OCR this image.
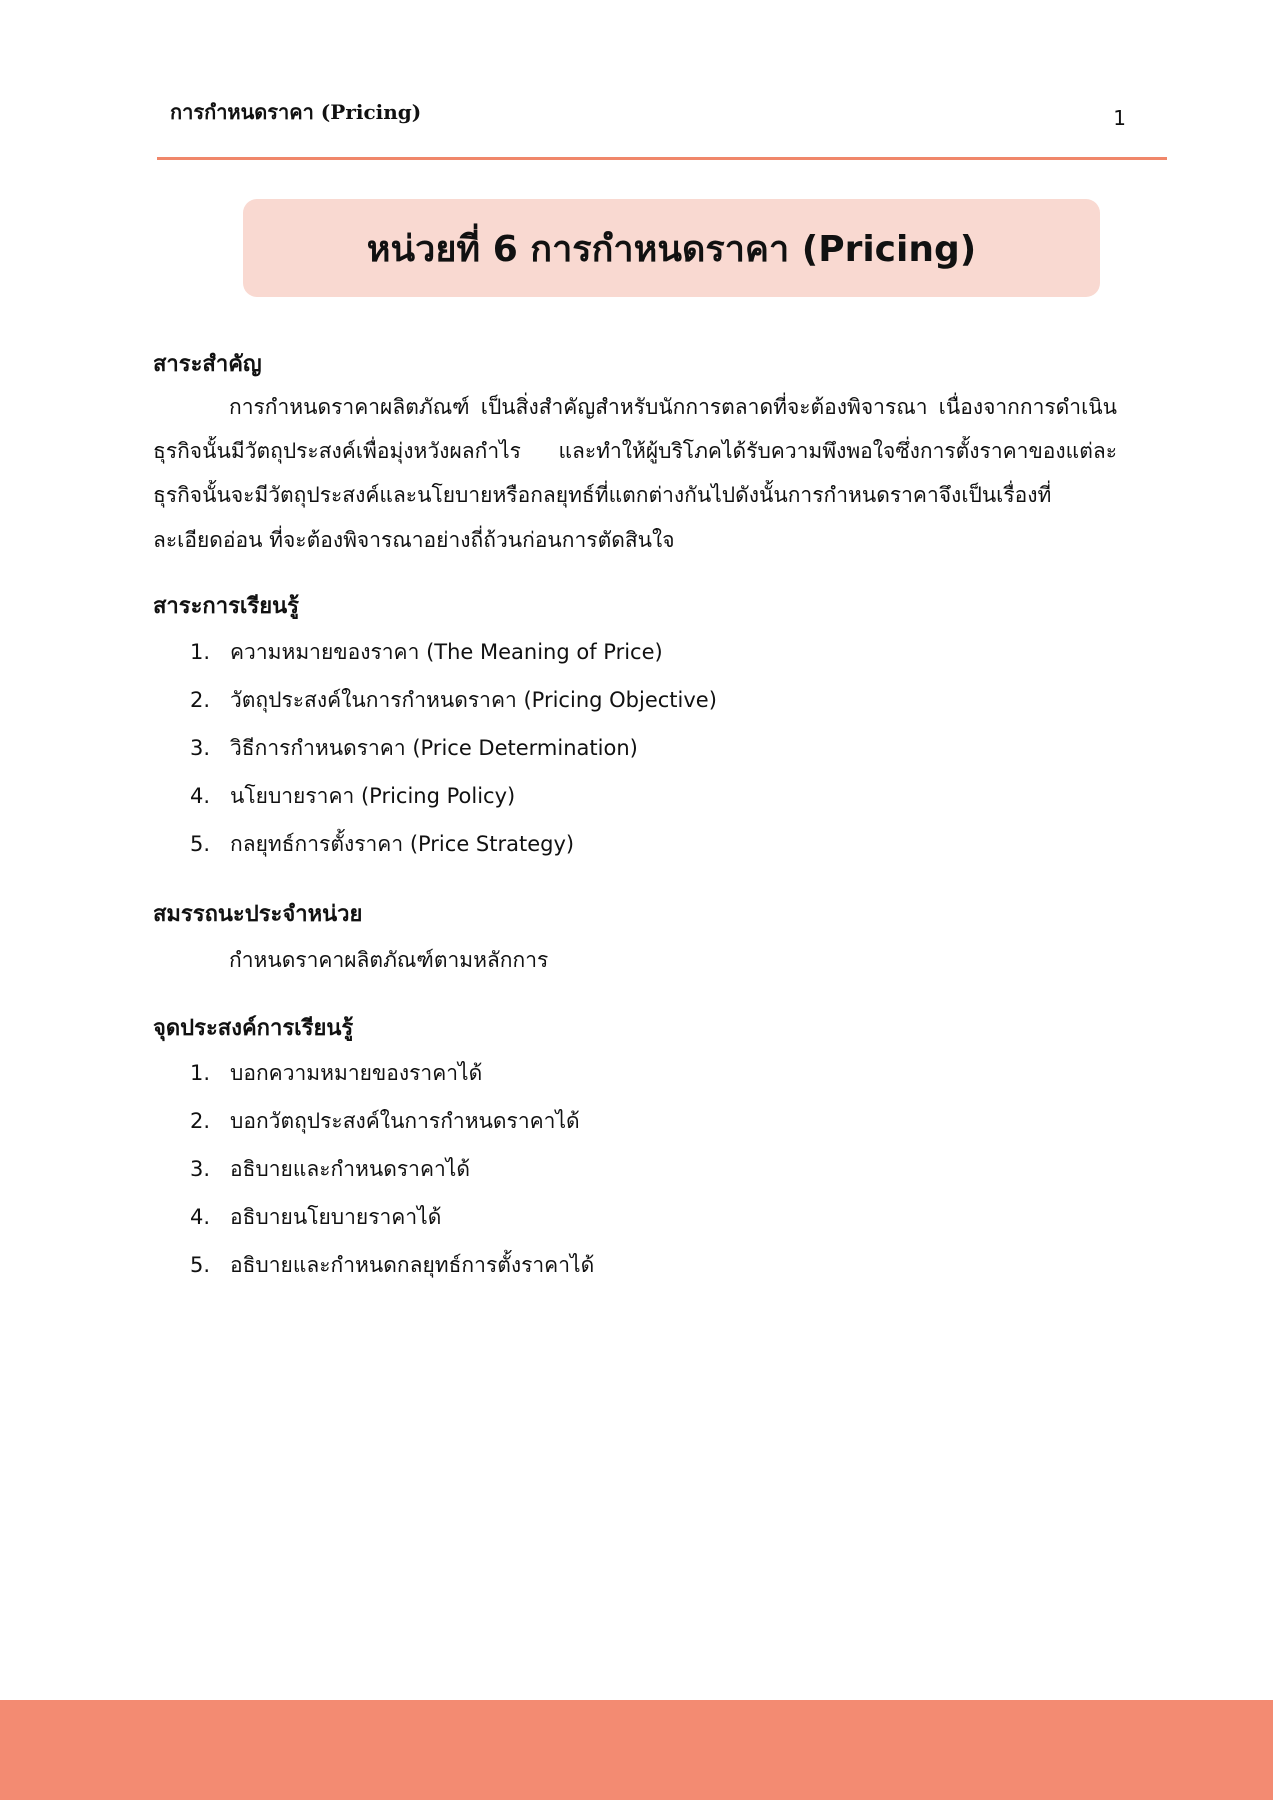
การกำหนดราคา (Pricing)	1
หน่วยที่ 6 การกำหนดราคา (Pricing)
สาระสำคัญ
การกำหนดราคาผลิตภัณฑ์ เป็นสิ่งสำคัญสำหรับนักการตลาดที่จะต้องพิจารณา เนื่องจากการดำเนิน
ธุรกิจนั้นมีวัตถุประสงค์เพื่อมุ่งหวังผลกำไร และทำให้ผู้บริโภคได้รับความพึงพอใจซึ่งการตั้งราคาของแต่ละ
ธุรกิจนั้นจะมีวัตถุประสงค์และนโยบายหรือกลยุทธ์ที่แตกต่างกันไปดังนั้นการกำหนดราคาจึงเป็นเรื่องที่
ละเอียดอ่อน ที่จะต้องพิจารณาอย่างถี่ถ้วนก่อนการตัดสินใจ
สาระการเรียนรู้
1. ความหมายของราคา (The Meaning of Price)
2. วัตถุประสงค์ในการกำหนดราคา (Pricing Objective)
3. วิธีการกำหนดราคา (Price Determination)
4. นโยบายราคา (Pricing Policy)
5. กลยุทธ์การตั้งราคา (Price Strategy)
สมรรถนะประจำหน่วย
กำหนดราคาผลิตภัณฑ์ตามหลักการ
จุดประสงค์การเรียนรู้
1. บอกความหมายของราคาได้
2. บอกวัตถุประสงค์ในการกำหนดราคาได้
3. อธิบายและกำหนดราคาได้
4. อธิบายนโยบายราคาได้
5. อธิบายและกำหนดกลยุทธ์การตั้งราคาได้
